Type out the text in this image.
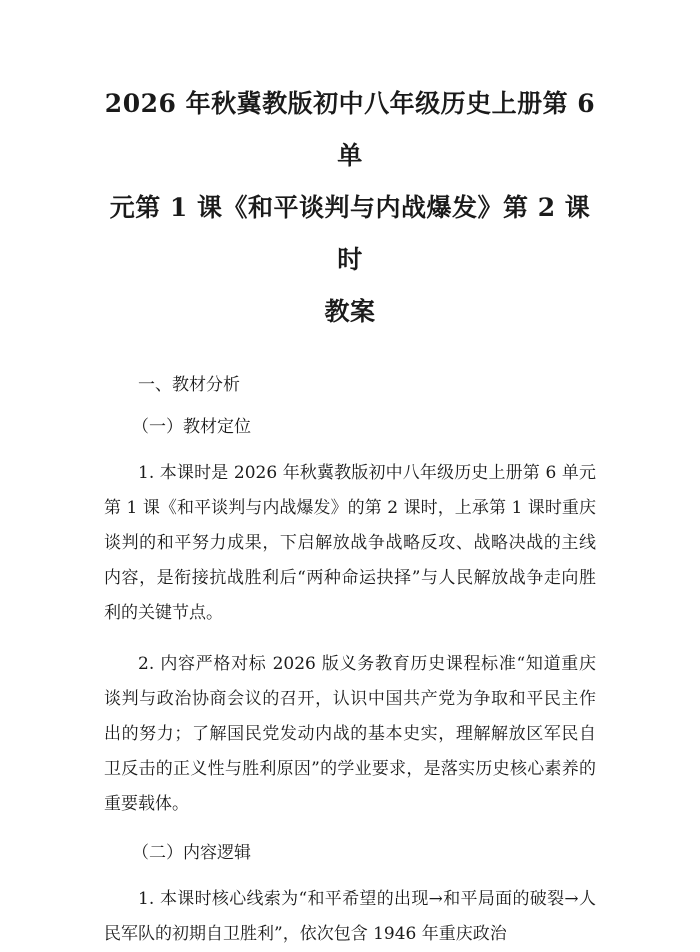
2026 年秋冀教版初中八年级历史上册第 6 单
元第 1 课《和平谈判与内战爆发》第 2 课时
教案

一、教材分析

（一）教材定位

1. 本课时是 2026 年秋冀教版初中八年级历史上册第 6 单元第 1 课《和平谈判与内战爆发》的第 2 课时，上承第 1 课时重庆谈判的和平努力成果，下启解放战争战略反攻、战略决战的主线内容，是衔接抗战胜利后“两种命运抉择”与人民解放战争走向胜利的关键节点。

2. 内容严格对标 2026 版义务教育历史课程标准“知道重庆谈判与政治协商会议的召开，认识中国共产党为争取和平民主作出的努力；了解国民党发动内战的基本史实，理解解放区军民自卫反击的正义性与胜利原因”的学业要求，是落实历史核心素养的重要载体。

（二）内容逻辑

1. 本课时核心线索为“和平希望的出现→和平局面的破裂→人民军队的初期自卫胜利”，依次包含 1946 年重庆政治
